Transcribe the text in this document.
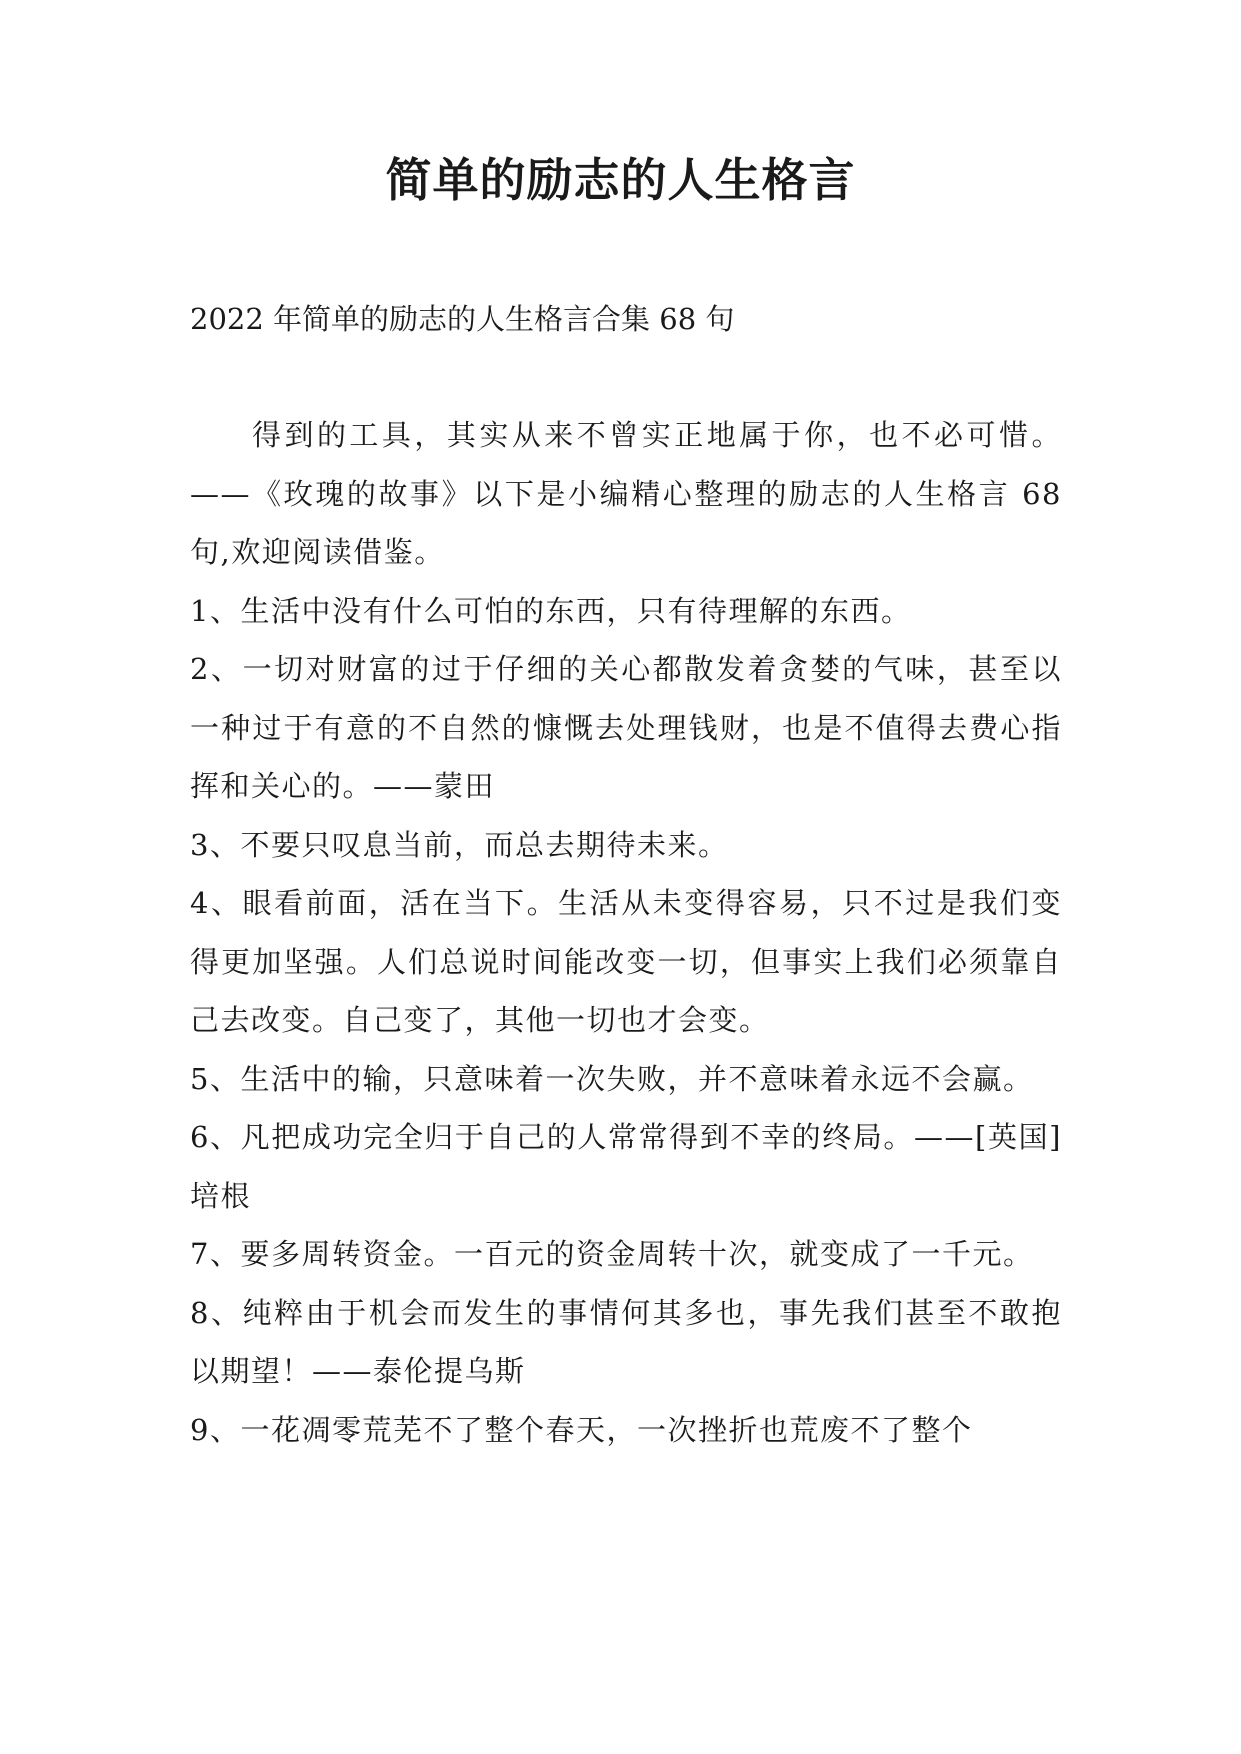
简单的励志的人生格言
2022 年简单的励志的人生格言合集 68 句

得到的工具，其实从来不曾实正地属于你，也不必可惜。——《玫瑰的故事》以下是小编精心整理的励志的人生格言 68 句,欢迎阅读借鉴。

1、生活中没有什么可怕的东西，只有待理解的东西。

2、一切对财富的过于仔细的关心都散发着贪婪的气味，甚至以一种过于有意的不自然的慷慨去处理钱财，也是不值得去费心指挥和关心的。——蒙田

3、不要只叹息当前，而总去期待未来。

4、眼看前面，活在当下。生活从未变得容易，只不过是我们变得更加坚强。人们总说时间能改变一切，但事实上我们必须靠自己去改变。自己变了，其他一切也才会变。

5、生活中的输，只意味着一次失败，并不意味着永远不会赢。

6、凡把成功完全归于自己的人常常得到不幸的终局。——[英国]培根

7、要多周转资金。一百元的资金周转十次，就变成了一千元。

8、纯粹由于机会而发生的事情何其多也，事先我们甚至不敢抱以期望！——泰伦提乌斯

9、一花凋零荒芜不了整个春天，一次挫折也荒废不了整个
